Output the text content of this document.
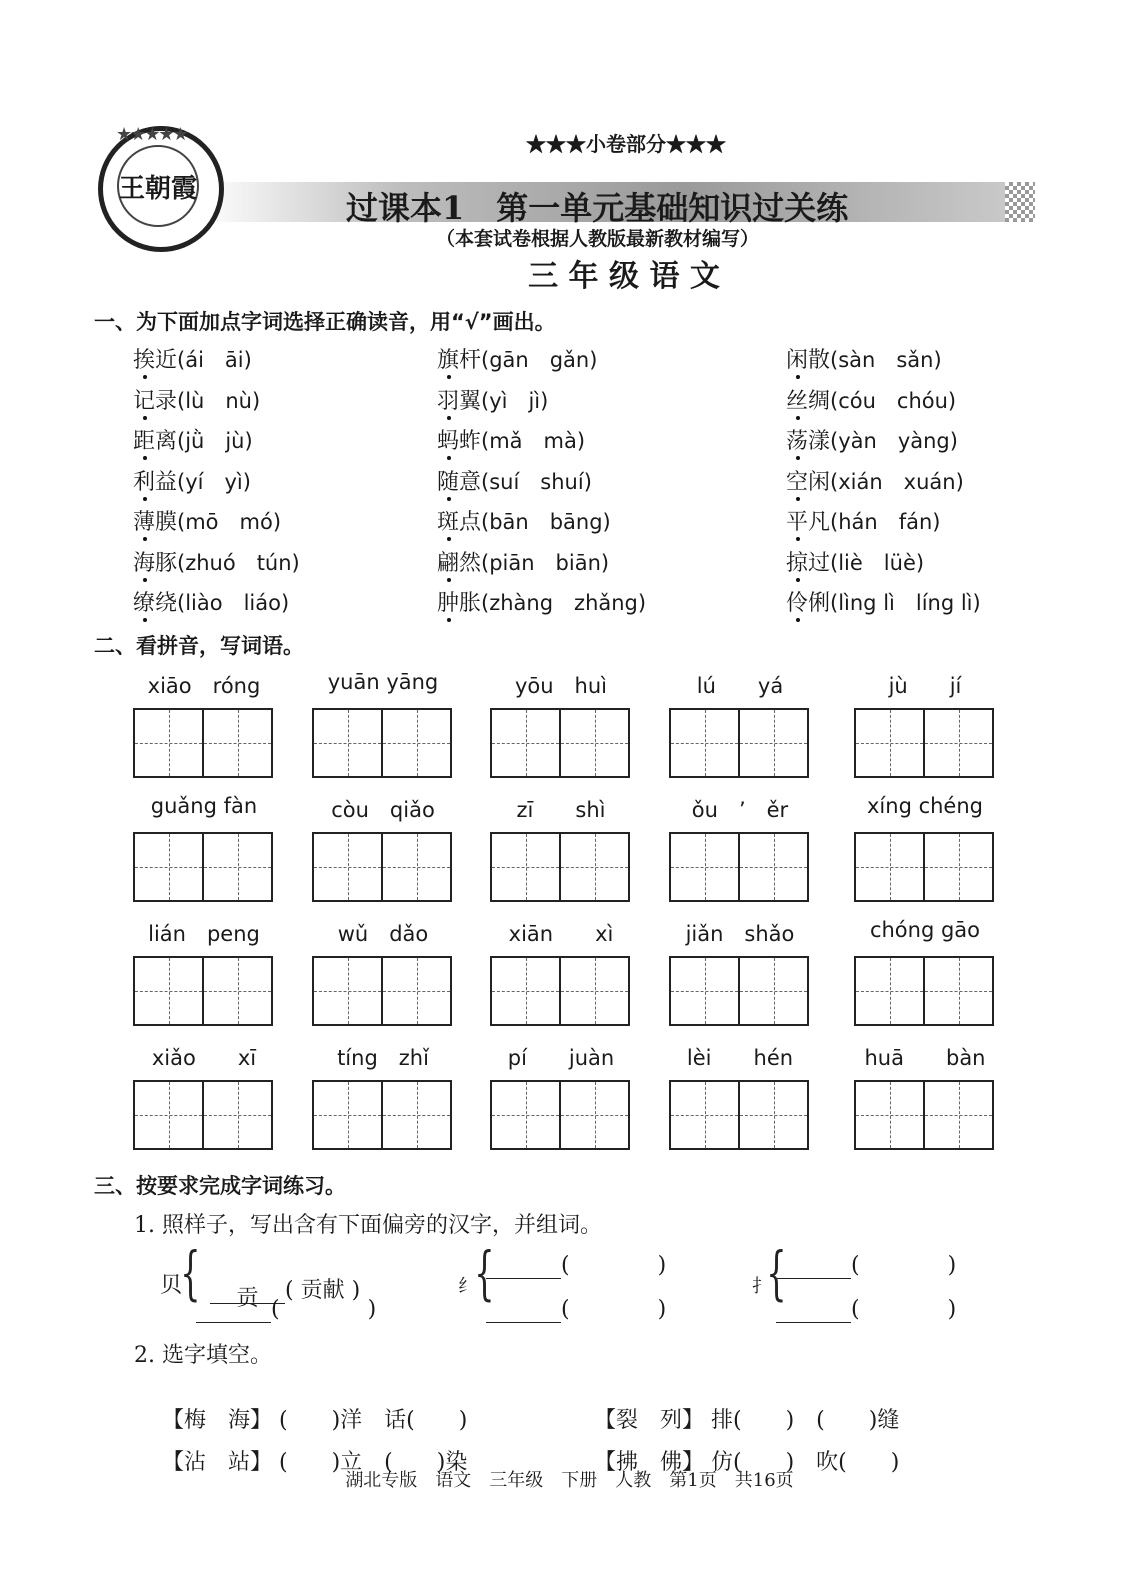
王朝霞
★★★★★	★★★小卷部分★★★
过课本1　第一单元基础知识过关练
（本套试卷根据人教版最新教材编写）
三 年 级 语 文
一、为下面加点字词选择正确读音，用“√”画出。
挨近(ái　āi)	旗杆(gān　gǎn)	闲散(sàn　sǎn)
记录(lù　nù)	羽翼(yì　jì)	丝绸(cóu　chóu)
距离(jǜ　jù)	蚂蚱(mǎ　mà)	荡漾(yàn　yàng)
利益(yí　yì)	随意(suí　shuí)	空闲(xián　xuán)
薄膜(mō　mó)	斑点(bān　bāng)	平凡(hán　fán)
海豚(zhuó　tún)	翩然(piān　biān)	掠过(liè　lüè)
缭绕(liào　liáo)	肿胀(zhàng　zhǎng)	伶俐(lìng lì　líng lì)
二、看拼音，写词语。
xiāo　róng	yuān yāng	yōu　huì	lú　　yá	jù　　jí
guǎng fàn	còu　qiǎo	zī　　shì	ǒu　’　ěr	xíng chéng
lián　peng	wǔ　dǎo	xiān　　xì	jiǎn　shǎo	chóng gāo
xiǎo　　xī	tíng　zhǐ	pí　　juàn	lèi　　hén	huā　　bàn
三、按要求完成字词练习。
1. 照样子，写出含有下面偏旁的汉字，并组词。
贝
{	贡 ( 贡献 )

(　　　　)
纟
{	(　　　　)
(　　　　)
扌
{	(　　　　)
(　　　　)
2. 选字填空。

【梅　海】 (　　)洋　话(　　)	【裂　列】 排(　　)　(　　)缝

【沾　站】 (　　)立　(　　)染	【拂　佛】 仿(　　)　吹(　　)

湖北专版　语文　三年级　下册　人教　第1页　共16页
